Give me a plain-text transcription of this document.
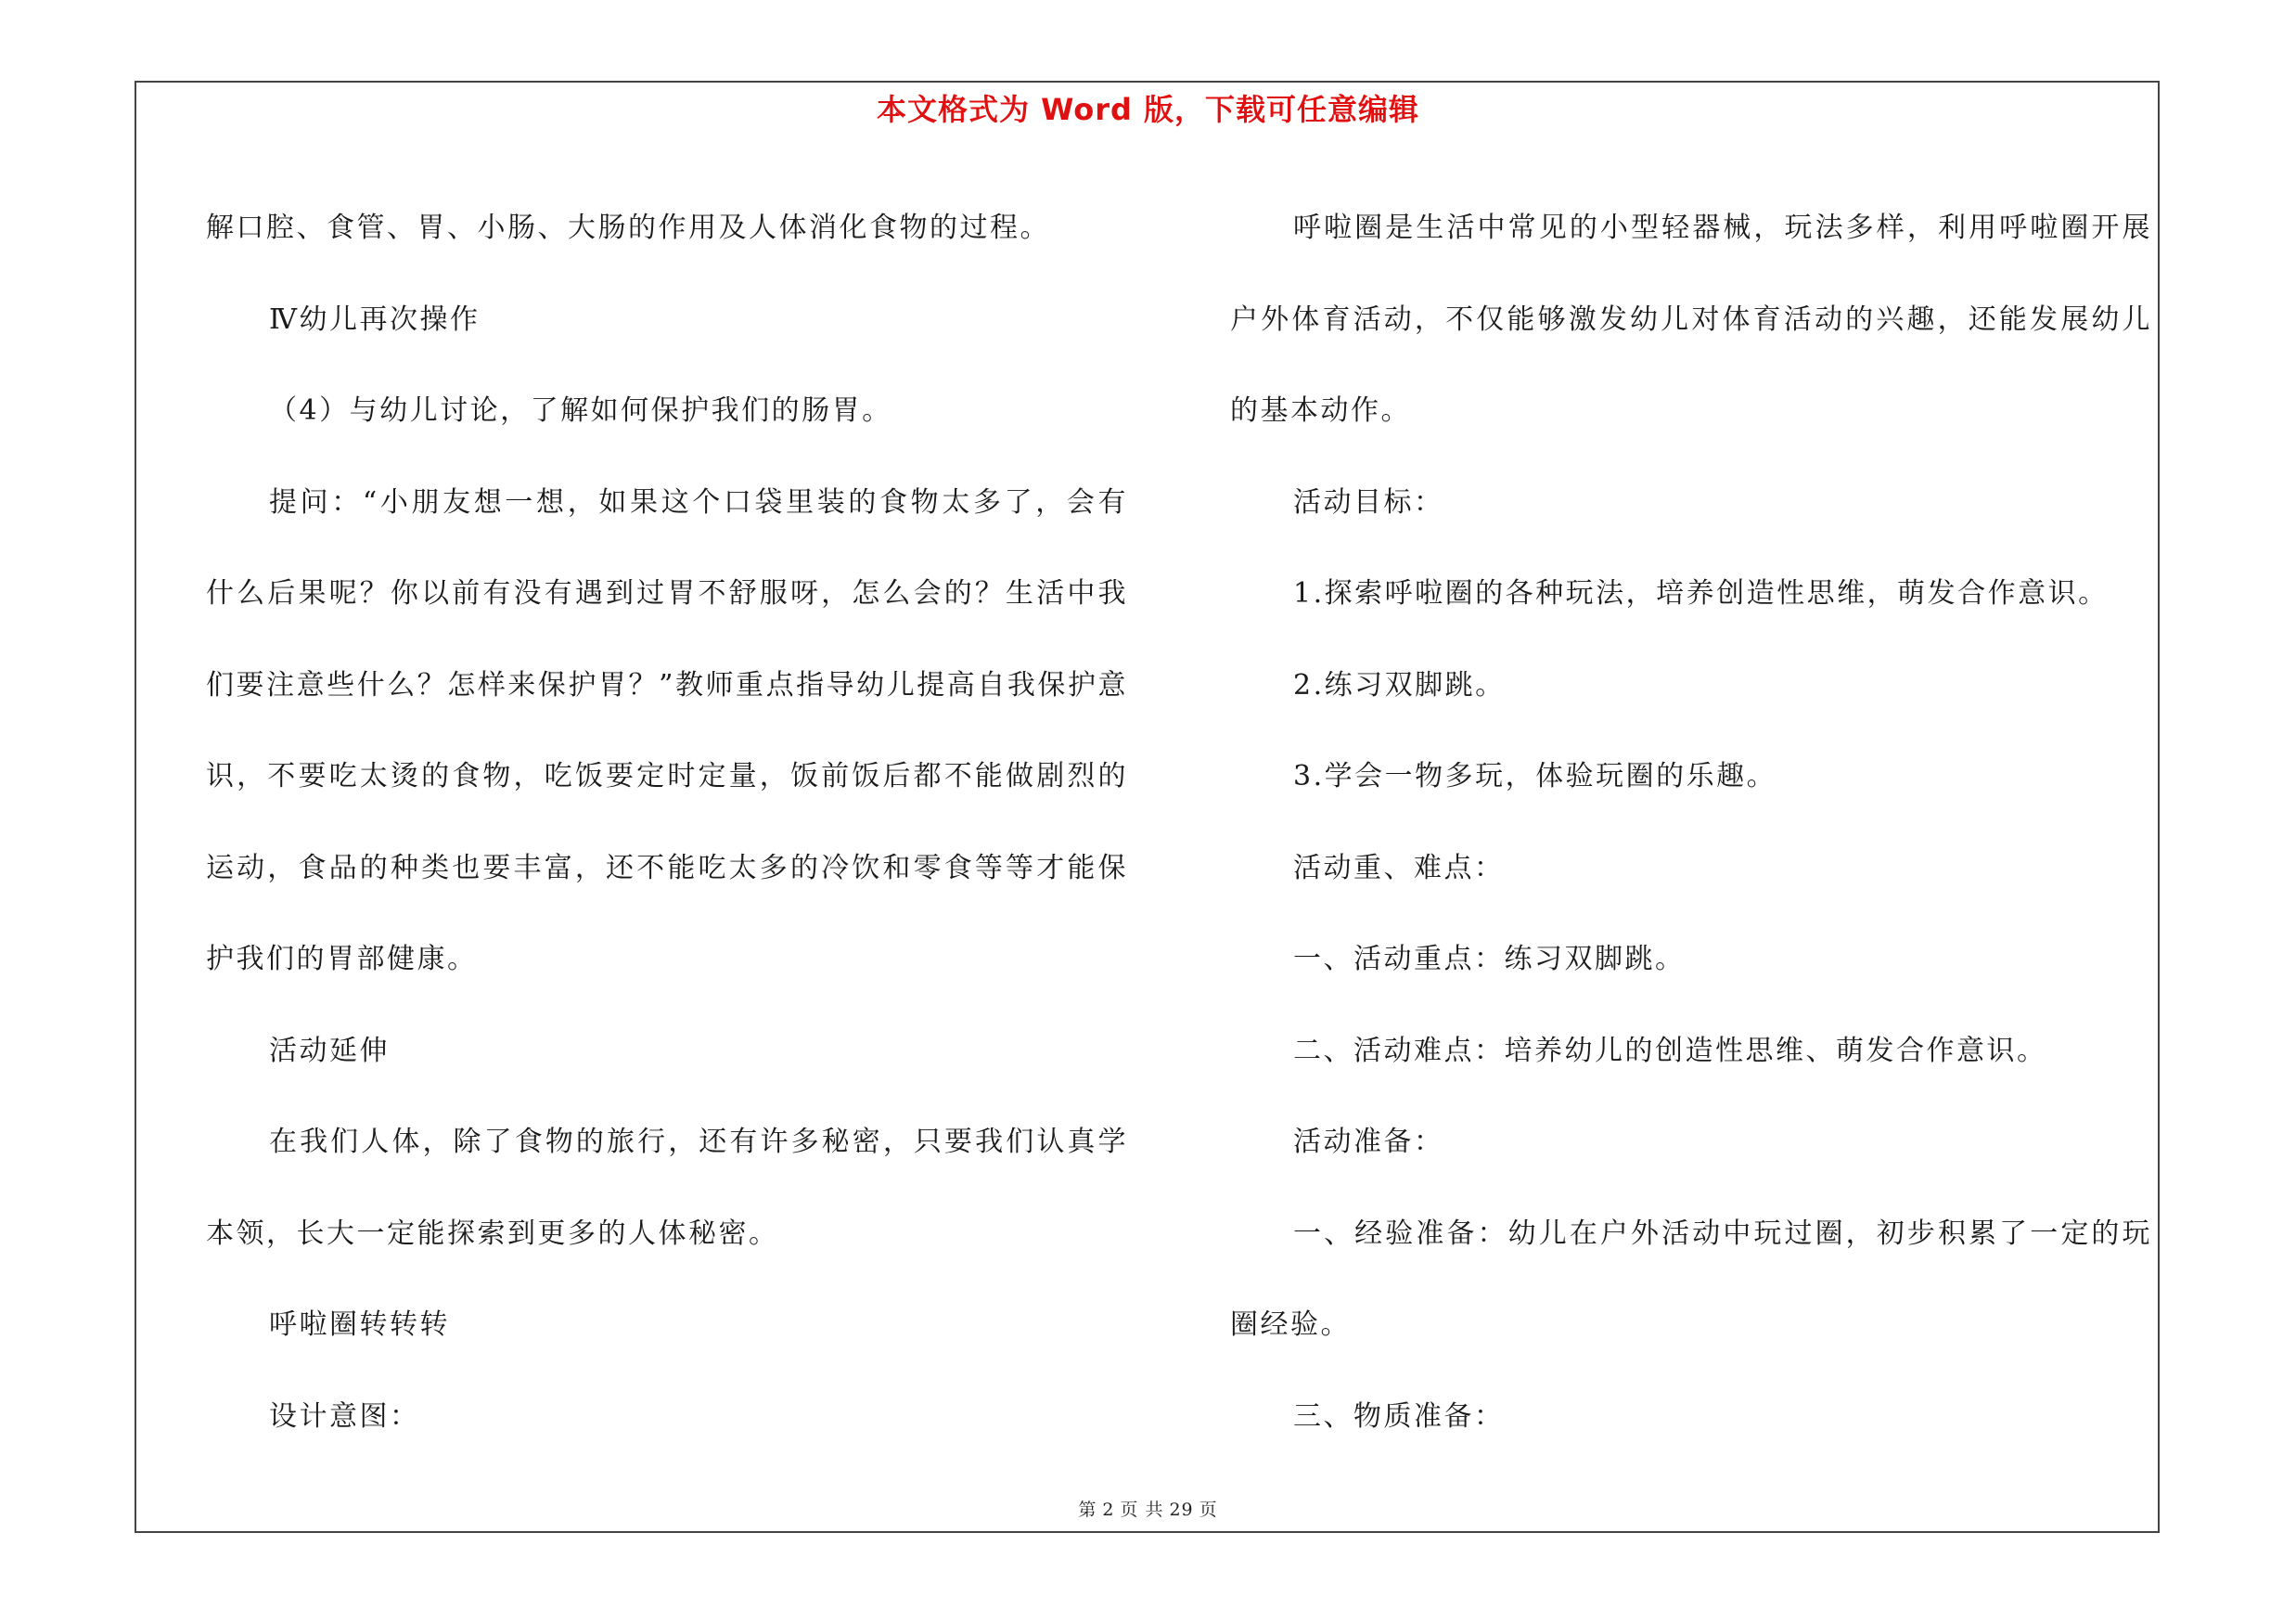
本文格式为 Word 版，下载可任意编辑

解口腔、食管、胃、小肠、大肠的作用及人体消化食物的过程。

Ⅳ幼儿再次操作

（4）与幼儿讨论，了解如何保护我们的肠胃。

提问：“小朋友想一想，如果这个口袋里装的食物太多了，会有什么后果呢？你以前有没有遇到过胃不舒服呀，怎么会的？生活中我们要注意些什么？怎样来保护胃？”教师重点指导幼儿提高自我保护意识，不要吃太烫的食物，吃饭要定时定量，饭前饭后都不能做剧烈的运动，食品的种类也要丰富，还不能吃太多的冷饮和零食等等才能保护我们的胃部健康。

活动延伸

在我们人体，除了食物的旅行，还有许多秘密，只要我们认真学本领，长大一定能探索到更多的人体秘密。

呼啦圈转转转

设计意图：

呼啦圈是生活中常见的小型轻器械，玩法多样，利用呼啦圈开展户外体育活动，不仅能够激发幼儿对体育活动的兴趣，还能发展幼儿的基本动作。

活动目标：

1.探索呼啦圈的各种玩法，培养创造性思维，萌发合作意识。

2.练习双脚跳。

3.学会一物多玩，体验玩圈的乐趣。

活动重、难点：

一、活动重点：练习双脚跳。

二、活动难点：培养幼儿的创造性思维、萌发合作意识。

活动准备：

一、经验准备：幼儿在户外活动中玩过圈，初步积累了一定的玩圈经验。

三、物质准备：

第 2 页 共 29 页
